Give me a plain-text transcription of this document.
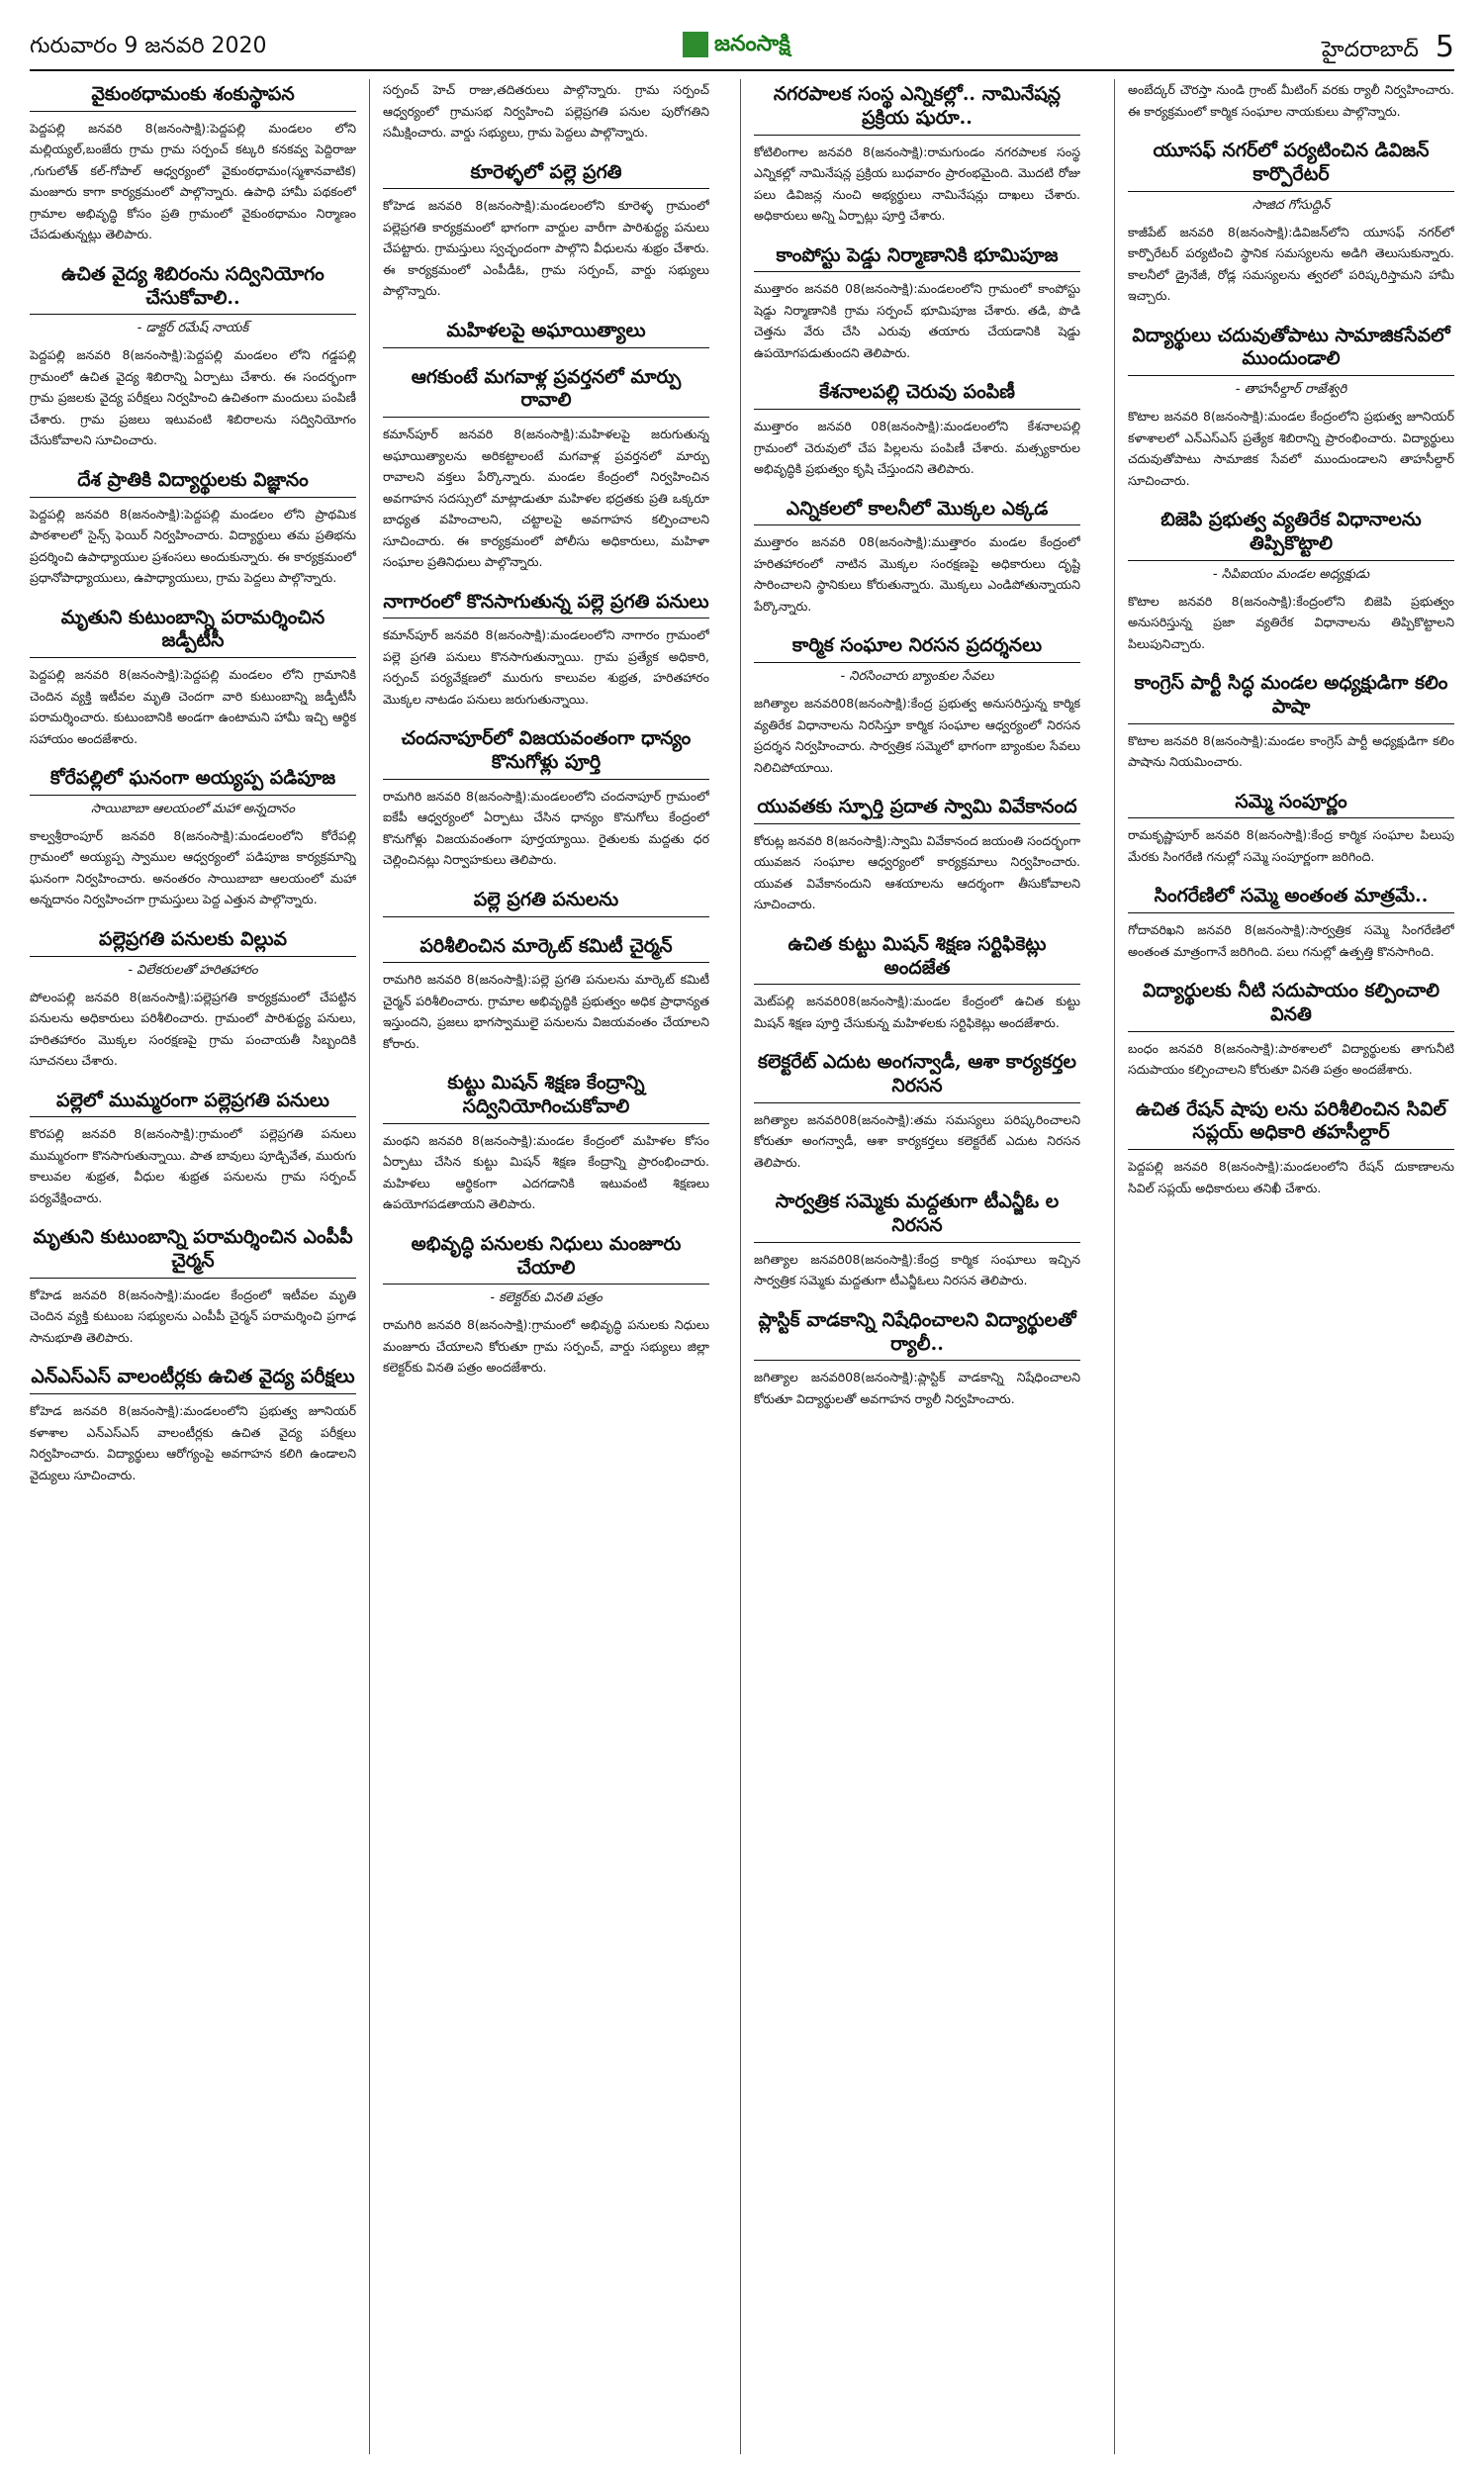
గురువారం 9 జనవరి 2020	జనంసాక్షి	హైదరాబాద్ 5
వైకుంఠధామంకు శంకుస్థాపన

పెద్దపల్లి జనవరి 8(జనంసాక్షి):పెద్దపల్లి మండలం లోని మల్లియ్యల్,బంజేరు గ్రామ గ్రామ సర్పంచ్ కట్కరి కనకవ్వ పెద్దిరాజు ,గుగులోత్ కల్-గోపాల్ ఆధ్వర్యంలో వైకుంఠధామం(స్మశానవాటిక) మంజూరు కాగా కార్యక్రమంలో పాల్గొన్నారు. ఉపాధి హామీ పథకంలో గ్రామాల అభివృద్ధి కోసం ప్రతి గ్రామంలో వైకుంఠధామం నిర్మాణం చేపడుతున్నట్లు తెలిపారు.

ఉచిత వైద్య శిబిరంను సద్వినియోగం చేసుకోవాలి..
- డాక్టర్ రమేష్ నాయక్

పెద్దపల్లి జనవరి 8(జనంసాక్షి):పెద్దపల్లి మండలం లోని గడ్డపల్లి గ్రామంలో ఉచిత వైద్య శిబిరాన్ని ఏర్పాటు చేశారు. ఈ సందర్భంగా గ్రామ ప్రజలకు వైద్య పరీక్షలు నిర్వహించి ఉచితంగా మందులు పంపిణీ చేశారు. గ్రామ ప్రజలు ఇటువంటి శిబిరాలను సద్వినియోగం చేసుకోవాలని సూచించారు.

దేశ ప్రాతికి విద్యార్థులకు విజ్ఞానం

పెద్దపల్లి జనవరి 8(జనంసాక్షి):పెద్దపల్లి మండలం లోని ప్రాథమిక పాఠశాలలో సైన్స్ ఫెయిర్ నిర్వహించారు. విద్యార్థులు తమ ప్రతిభను ప్రదర్శించి ఉపాధ్యాయుల ప్రశంసలు అందుకున్నారు. ఈ కార్యక్రమంలో ప్రధానోపాధ్యాయులు, ఉపాధ్యాయులు, గ్రామ పెద్దలు పాల్గొన్నారు.

మృతుని కుటుంబాన్ని పరామర్శించిన జడ్పీటీసీ

పెద్దపల్లి జనవరి 8(జనంసాక్షి):పెద్దపల్లి మండలం లోని గ్రామానికి చెందిన వ్యక్తి ఇటీవల మృతి చెందగా వారి కుటుంబాన్ని జడ్పీటీసీ పరామర్శించారు. కుటుంబానికి అండగా ఉంటామని హామీ ఇచ్చి ఆర్థిక సహాయం అందజేశారు.

కోరేపల్లిలో ఘనంగా అయ్యప్ప పడిపూజ
సాయిబాబా ఆలయంలో మహా అన్నదానం

కాల్వశ్రీరాంపూర్ జనవరి 8(జనంసాక్షి):మండలంలోని కోరేపల్లి గ్రామంలో అయ్యప్ప స్వాముల ఆధ్వర్యంలో పడిపూజ కార్యక్రమాన్ని ఘనంగా నిర్వహించారు. అనంతరం సాయిబాబా ఆలయంలో మహా అన్నదానం నిర్వహించగా గ్రామస్తులు పెద్ద ఎత్తున పాల్గొన్నారు.

పల్లెప్రగతి పనులకు విల్లువ
- విలేకరులతో హరితహారం

పోలంపల్లి జనవరి 8(జనంసాక్షి):పల్లెప్రగతి కార్యక్రమంలో చేపట్టిన పనులను అధికారులు పరిశీలించారు. గ్రామంలో పారిశుద్ధ్య పనులు, హరితహారం మొక్కల సంరక్షణపై గ్రామ పంచాయతీ సిబ్బందికి సూచనలు చేశారు.

పల్లెలో ముమ్మరంగా పల్లెప్రగతి పనులు

కొరపల్లి జనవరి 8(జనంసాక్షి):గ్రామంలో పల్లెప్రగతి పనులు ముమ్మరంగా కొనసాగుతున్నాయి. పాత బావులు పూడ్చివేత, మురుగు కాలువల శుభ్రత, వీధుల శుభ్రత పనులను గ్రామ సర్పంచ్ పర్యవేక్షించారు.

మృతుని కుటుంబాన్ని పరామర్శించిన ఎంపీపీ చైర్మన్

కోహెడ జనవరి 8(జనంసాక్షి):మండల కేంద్రంలో ఇటీవల మృతి చెందిన వ్యక్తి కుటుంబ సభ్యులను ఎంపీపీ చైర్మన్ పరామర్శించి ప్రగాఢ సానుభూతి తెలిపారు.

ఎన్ఎస్ఎస్ వాలంటీర్లకు ఉచిత వైద్య పరీక్షలు

కోహెడ జనవరి 8(జనంసాక్షి):మండలంలోని ప్రభుత్వ జూనియర్ కళాశాల ఎన్ఎస్ఎస్ వాలంటీర్లకు ఉచిత వైద్య పరీక్షలు నిర్వహించారు. విద్యార్థులు ఆరోగ్యంపై అవగాహన కలిగి ఉండాలని వైద్యులు సూచించారు.

సర్పంచ్ హెచ్ రాజు,తదితరులు పాల్గొన్నారు. గ్రామ సర్పంచ్ ఆధ్వర్యంలో గ్రామసభ నిర్వహించి పల్లెప్రగతి పనుల పురోగతిని సమీక్షించారు. వార్డు సభ్యులు, గ్రామ పెద్దలు పాల్గొన్నారు.

కూరెళ్ళలో పల్లె ప్రగతి

కోహెడ జనవరి 8(జనంసాక్షి):మండలంలోని కూరెళ్ళ గ్రామంలో పల్లెప్రగతి కార్యక్రమంలో భాగంగా వార్డుల వారీగా పారిశుద్ధ్య పనులు చేపట్టారు. గ్రామస్తులు స్వచ్ఛందంగా పాల్గొని వీధులను శుభ్రం చేశారు. ఈ కార్యక్రమంలో ఎంపీడీఓ, గ్రామ సర్పంచ్, వార్డు సభ్యులు పాల్గొన్నారు.

మహిళలపై అఘాయిత్యాలు
ఆగకుంటే మగవాళ్ల ప్రవర్తనలో మార్పు రావాలి

కమాన్‌పూర్ జనవరి 8(జనంసాక్షి):మహిళలపై జరుగుతున్న అఘాయిత్యాలను అరికట్టాలంటే మగవాళ్ల ప్రవర్తనలో మార్పు రావాలని వక్తలు పేర్కొన్నారు. మండల కేంద్రంలో నిర్వహించిన అవగాహన సదస్సులో మాట్లాడుతూ మహిళల భద్రతకు ప్రతి ఒక్కరూ బాధ్యత వహించాలని, చట్టాలపై అవగాహన కల్పించాలని సూచించారు. ఈ కార్యక్రమంలో పోలీసు అధికారులు, మహిళా సంఘాల ప్రతినిధులు పాల్గొన్నారు.

నాగారంలో కొనసాగుతున్న పల్లె ప్రగతి పనులు

కమాన్‌పూర్ జనవరి 8(జనంసాక్షి):మండలంలోని నాగారం గ్రామంలో పల్లె ప్రగతి పనులు కొనసాగుతున్నాయి. గ్రామ ప్రత్యేక అధికారి, సర్పంచ్ పర్యవేక్షణలో మురుగు కాలువల శుభ్రత, హరితహారం మొక్కల నాటడం పనులు జరుగుతున్నాయి.

చందనాపూర్‌లో విజయవంతంగా ధాన్యం కొనుగోళ్లు పూర్తి

రామగిరి జనవరి 8(జనంసాక్షి):మండలంలోని చందనాపూర్ గ్రామంలో ఐకేపీ ఆధ్వర్యంలో ఏర్పాటు చేసిన ధాన్యం కొనుగోలు కేంద్రంలో కొనుగోళ్లు విజయవంతంగా పూర్తయ్యాయి. రైతులకు మద్దతు ధర చెల్లించినట్లు నిర్వాహకులు తెలిపారు.

పల్లె ప్రగతి పనులను
పరిశీలించిన మార్కెట్ కమిటీ చైర్మన్

రామగిరి జనవరి 8(జనంసాక్షి):పల్లె ప్రగతి పనులను మార్కెట్ కమిటీ చైర్మన్ పరిశీలించారు. గ్రామాల అభివృద్ధికి ప్రభుత్వం అధిక ప్రాధాన్యత ఇస్తుందని, ప్రజలు భాగస్వాములై పనులను విజయవంతం చేయాలని కోరారు.

కుట్టు మిషన్ శిక్షణ కేంద్రాన్ని సద్వినియోగించుకోవాలి

మంథని జనవరి 8(జనంసాక్షి):మండల కేంద్రంలో మహిళల కోసం ఏర్పాటు చేసిన కుట్టు మిషన్ శిక్షణ కేంద్రాన్ని ప్రారంభించారు. మహిళలు ఆర్థికంగా ఎదగడానికి ఇటువంటి శిక్షణలు ఉపయోగపడతాయని తెలిపారు.

అభివృద్ధి పనులకు నిధులు మంజూరు చేయాలి
- కలెక్టర్‌కు వినతి పత్రం

రామగిరి జనవరి 8(జనంసాక్షి):గ్రామంలో అభివృద్ధి పనులకు నిధులు మంజూరు చేయాలని కోరుతూ గ్రామ సర్పంచ్, వార్డు సభ్యులు జిల్లా కలెక్టర్‌కు వినతి పత్రం అందజేశారు.

నగరపాలక సంస్థ ఎన్నికల్లో.. నామినేషన్ల ప్రక్రియ షురూ..

కోటిలింగాల జనవరి 8(జనంసాక్షి):రామగుండం నగరపాలక సంస్థ ఎన్నికల్లో నామినేషన్ల ప్రక్రియ బుధవారం ప్రారంభమైంది. మొదటి రోజు పలు డివిజన్ల నుంచి అభ్యర్థులు నామినేషన్లు దాఖలు చేశారు. అధికారులు అన్ని ఏర్పాట్లు పూర్తి చేశారు.

కాంపోస్టు పెడ్డు నిర్మాణానికి భూమిపూజ

ముత్తారం జనవరి 08(జనంసాక్షి):మండలంలోని గ్రామంలో కాంపోస్టు షెడ్డు నిర్మాణానికి గ్రామ సర్పంచ్ భూమిపూజ చేశారు. తడి, పొడి చెత్తను వేరు చేసి ఎరువు తయారు చేయడానికి షెడ్డు ఉపయోగపడుతుందని తెలిపారు.

కేశనాలపల్లి చెరువు పంపిణీ

ముత్తారం జనవరి 08(జనంసాక్షి):మండలంలోని కేశనాలపల్లి గ్రామంలో చెరువులో చేప పిల్లలను పంపిణీ చేశారు. మత్స్యకారుల అభివృద్ధికి ప్రభుత్వం కృషి చేస్తుందని తెలిపారు.

ఎన్నికలలో కాలనీలో మొక్కల ఎక్కడ

ముత్తారం జనవరి 08(జనంసాక్షి):ముత్తారం మండల కేంద్రంలో హరితహారంలో నాటిన మొక్కల సంరక్షణపై అధికారులు దృష్టి సారించాలని స్థానికులు కోరుతున్నారు. మొక్కలు ఎండిపోతున్నాయని పేర్కొన్నారు.

కార్మిక సంఘాల నిరసన ప్రదర్శనలు
- నిరసించారు బ్యాంకుల సేవలు

జగిత్యాల జనవరి08(జనంసాక్షి):కేంద్ర ప్రభుత్వ అనుసరిస్తున్న కార్మిక వ్యతిరేక విధానాలను నిరసిస్తూ కార్మిక సంఘాల ఆధ్వర్యంలో నిరసన ప్రదర్శన నిర్వహించారు. సార్వత్రిక సమ్మెలో భాగంగా బ్యాంకుల సేవలు నిలిచిపోయాయి.

యువతకు స్ఫూర్తి ప్రదాత స్వామి వివేకానంద

కోరుట్ల జనవరి 8(జనంసాక్షి):స్వామి వివేకానంద జయంతి సందర్భంగా యువజన సంఘాల ఆధ్వర్యంలో కార్యక్రమాలు నిర్వహించారు. యువత వివేకానందుని ఆశయాలను ఆదర్శంగా తీసుకోవాలని సూచించారు.

ఉచిత కుట్టు మిషన్ శిక్షణ సర్టిఫికెట్లు అందజేత

మెట్‌పల్లి జనవరి08(జనంసాక్షి):మండల కేంద్రంలో ఉచిత కుట్టు మిషన్ శిక్షణ పూర్తి చేసుకున్న మహిళలకు సర్టిఫికెట్లు అందజేశారు.

కలెక్టరేట్ ఎదుట అంగన్వాడీ, ఆశా కార్యకర్తల నిరసన

జగిత్యాల జనవరి08(జనంసాక్షి):తమ సమస్యలు పరిష్కరించాలని కోరుతూ అంగన్వాడీ, ఆశా కార్యకర్తలు కలెక్టరేట్ ఎదుట నిరసన తెలిపారు.

సార్వత్రిక సమ్మెకు మద్దతుగా టీఎన్జీఓ ల నిరసన

జగిత్యాల జనవరి08(జనంసాక్షి):కేంద్ర కార్మిక సంఘాలు ఇచ్చిన సార్వత్రిక సమ్మెకు మద్దతుగా టీఎన్జీఓలు నిరసన తెలిపారు.

ప్లాస్టిక్ వాడకాన్ని నిషేధించాలని విద్యార్థులతో ర్యాలీ..

జగిత్యాల జనవరి08(జనంసాక్షి):ప్లాస్టిక్ వాడకాన్ని నిషేధించాలని కోరుతూ విద్యార్థులతో అవగాహన ర్యాలీ నిర్వహించారు.

అంబేద్కర్ చౌరస్తా నుండి గ్రాంట్ మీటింగ్ వరకు ర్యాలీ నిర్వహించారు. ఈ కార్యక్రమంలో కార్మిక సంఘాల నాయకులు పాల్గొన్నారు.

యూసఫ్ నగర్‌లో పర్యటించిన డివిజన్ కార్పొరేటర్
సాజిద గోసుద్దిన్

కాజీపేట్ జనవరి 8(జనంసాక్షి):డివిజన్‌లోని యూసఫ్ నగర్‌లో కార్పొరేటర్ పర్యటించి స్థానిక సమస్యలను అడిగి తెలుసుకున్నారు. కాలనీలో డ్రైనేజీ, రోడ్ల సమస్యలను త్వరలో పరిష్కరిస్తామని హామీ ఇచ్చారు.

విద్యార్థులు చదువుతోపాటు సామాజికసేవలో ముందుండాలి
- తాహసీల్దార్ రాజేశ్వరి

కొటాల జనవరి 8(జనంసాక్షి):మండల కేంద్రంలోని ప్రభుత్వ జూనియర్ కళాశాలలో ఎన్ఎస్ఎస్ ప్రత్యేక శిబిరాన్ని ప్రారంభించారు. విద్యార్థులు చదువుతోపాటు సామాజిక సేవలో ముందుండాలని తాహసీల్దార్ సూచించారు.

బిజెపి ప్రభుత్వ వ్యతిరేక విధానాలను తిప్పికొట్టాలి
- సిపిఐయం మండల అధ్యక్షుడు

కొటాల జనవరి 8(జనంసాక్షి):కేంద్రంలోని బిజెపి ప్రభుత్వం అనుసరిస్తున్న ప్రజా వ్యతిరేక విధానాలను తిప్పికొట్టాలని పిలుపునిచ్చారు.

కాంగ్రెస్ పార్టీ సిద్ధ మండల అధ్యక్షుడిగా కలిం పాషా

కొటాల జనవరి 8(జనంసాక్షి):మండల కాంగ్రెస్ పార్టీ అధ్యక్షుడిగా కలిం పాషాను నియమించారు.

సమ్మె సంపూర్ణం

రామకృష్ణాపూర్ జనవరి 8(జనంసాక్షి):కేంద్ర కార్మిక సంఘాల పిలుపు మేరకు సింగరేణి గనుల్లో సమ్మె సంపూర్ణంగా జరిగింది.

సింగరేణిలో సమ్మె అంతంత మాత్రమే..

గోదావరిఖని జనవరి 8(జనంసాక్షి):సార్వత్రిక సమ్మె సింగరేణిలో అంతంత మాత్రంగానే జరిగింది. పలు గనుల్లో ఉత్పత్తి కొనసాగింది.

విద్యార్థులకు నీటి సదుపాయం కల్పించాలి వినతి

బంధం జనవరి 8(జనంసాక్షి):పాఠశాలలో విద్యార్థులకు తాగునీటి సదుపాయం కల్పించాలని కోరుతూ వినతి పత్రం అందజేశారు.

ఉచిత రేషన్ షాపు లను పరిశీలించిన సివిల్ సప్లయ్ అధికారి తహసీల్దార్

పెద్దపల్లి జనవరి 8(జనంసాక్షి):మండలంలోని రేషన్ దుకాణాలను సివిల్ సప్లయ్ అధికారులు తనిఖీ చేశారు.
